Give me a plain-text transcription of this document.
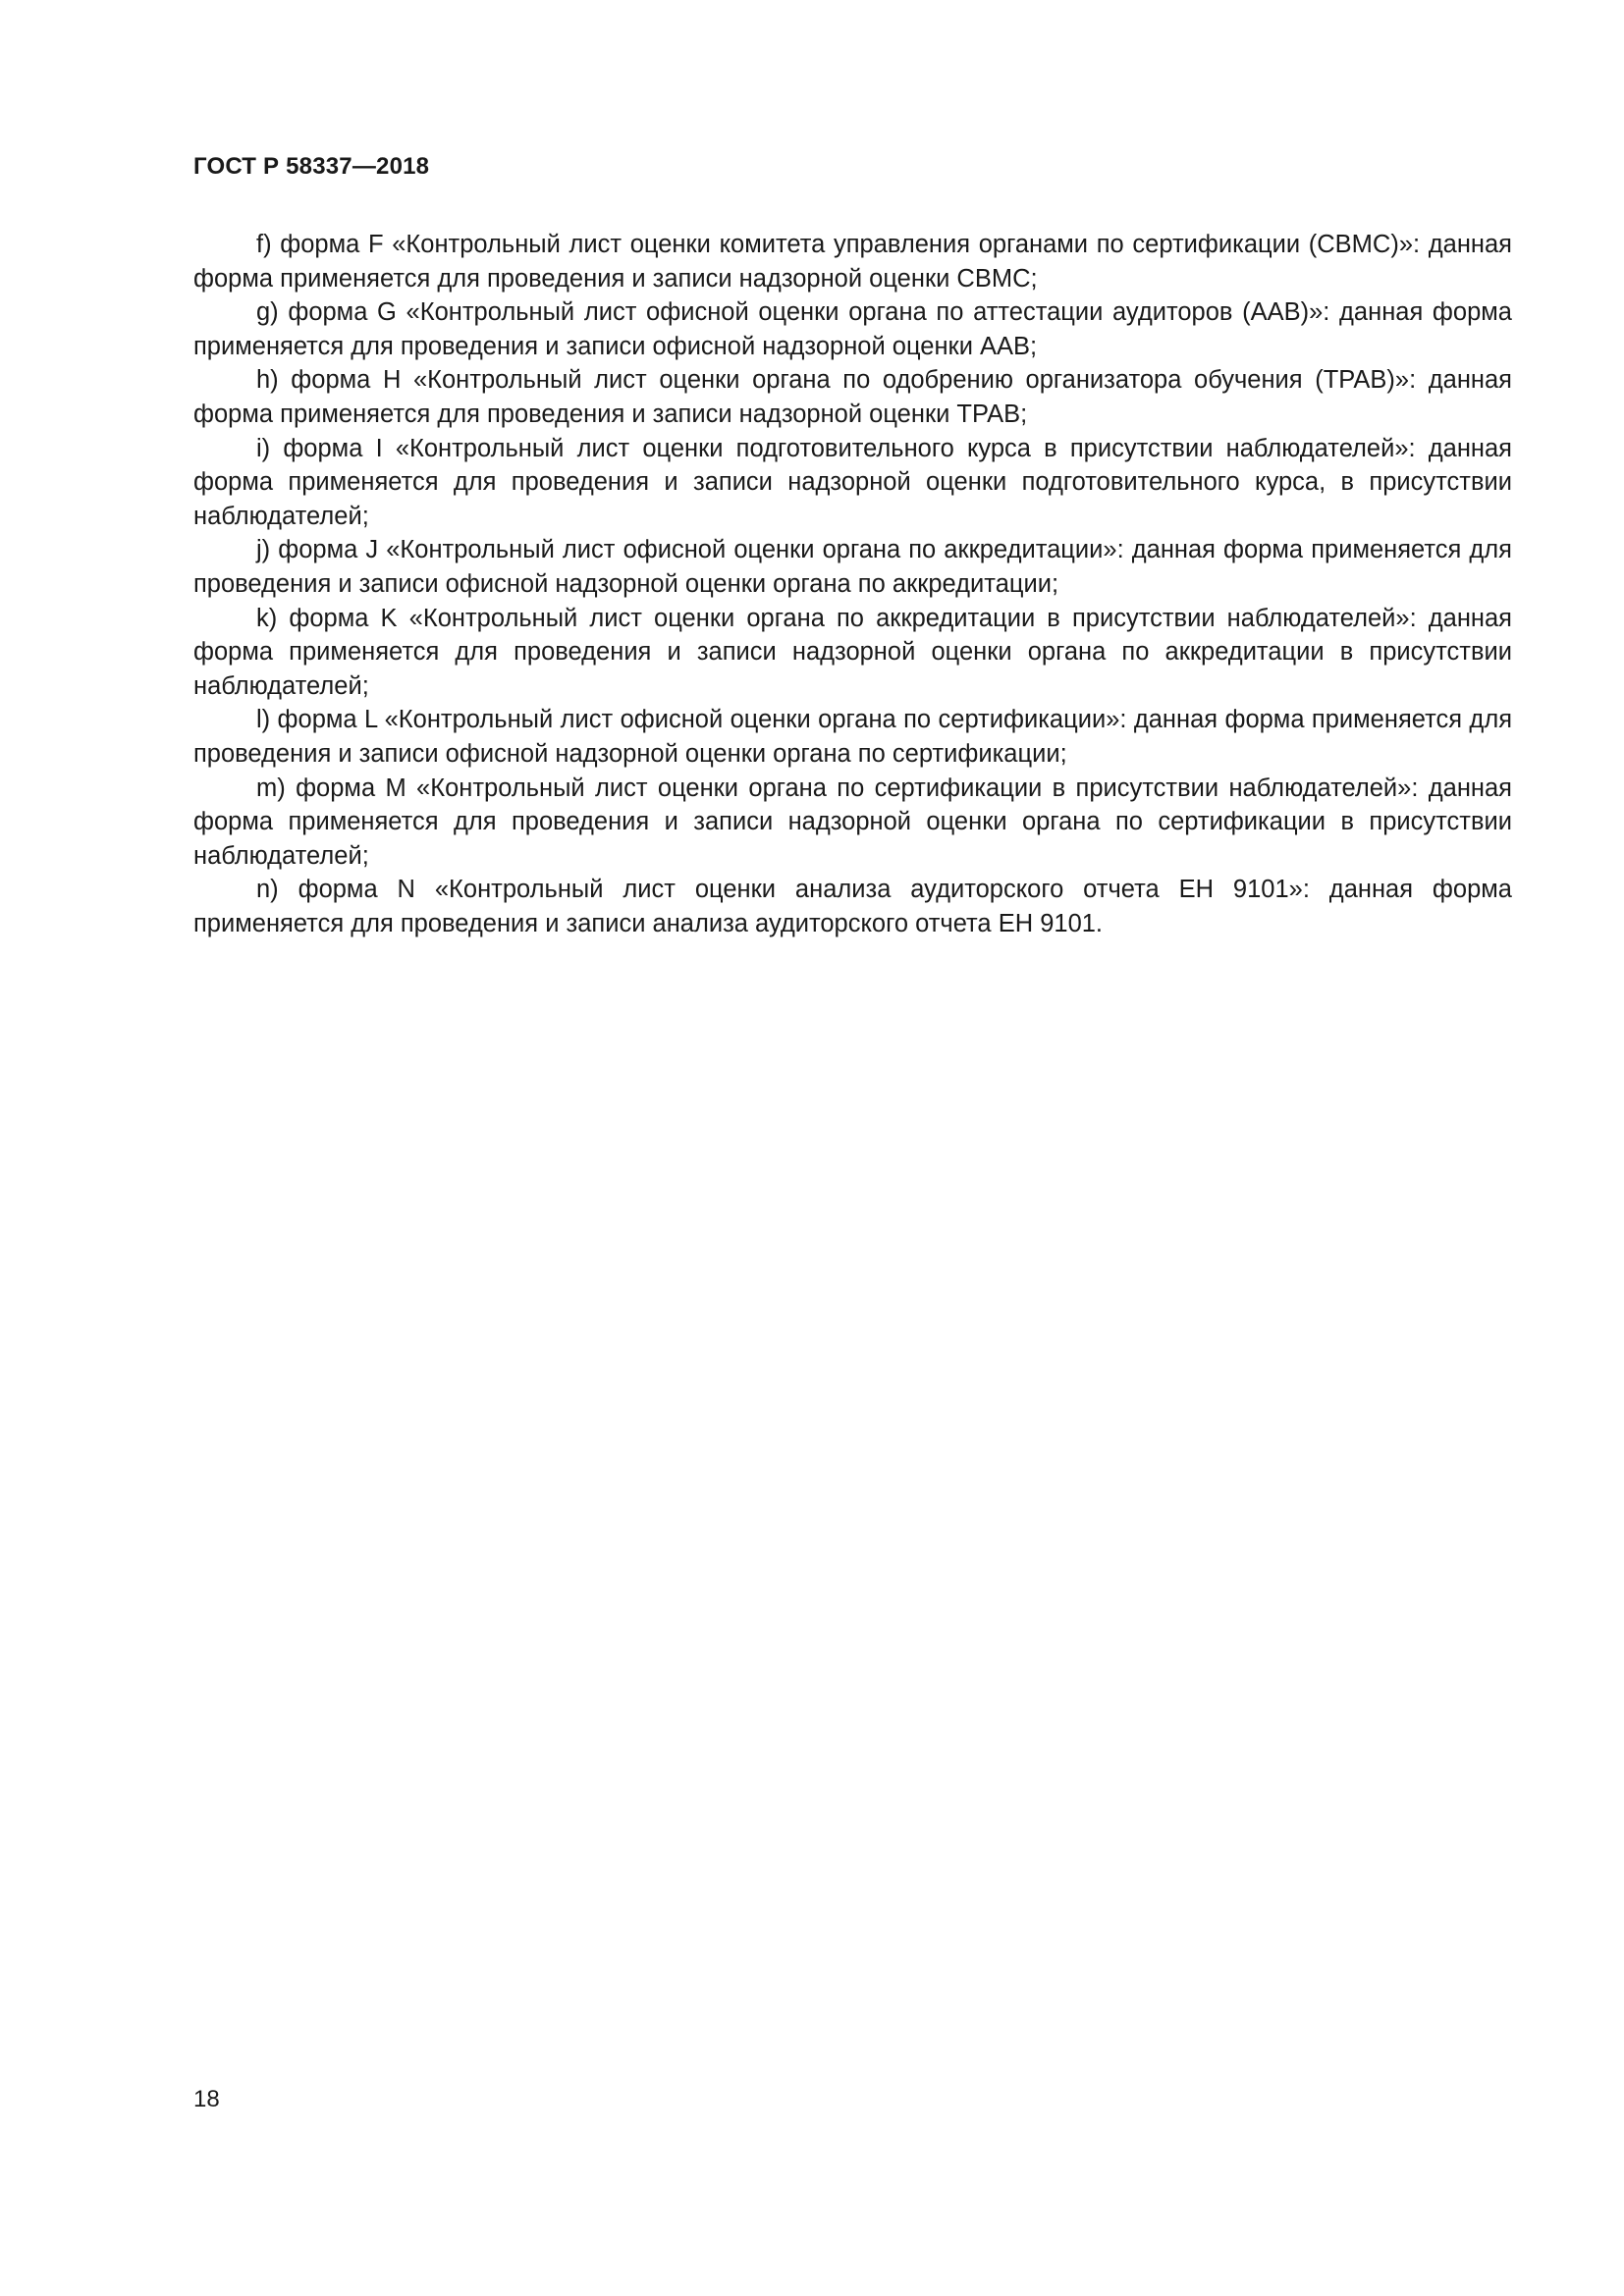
ГОСТ Р 58337—2018

f) форма F «Контрольный лист оценки комитета управления органами по сертификации (CBMC)»: данная форма применяется для проведения и записи надзорной оценки CBMC;

g) форма G «Контрольный лист офисной оценки органа по аттестации аудиторов (AAB)»: данная форма применяется для проведения и записи офисной надзорной оценки AAB;

h) форма H «Контрольный лист оценки органа по одобрению организатора обучения (TPAB)»: данная форма применяется для проведения и записи надзорной оценки TPAB;

i) форма I «Контрольный лист оценки подготовительного курса в присутствии наблюдателей»: данная форма применяется для проведения и записи надзорной оценки подготовительного курса, в присутствии наблюдателей;

j) форма J «Контрольный лист офисной оценки органа по аккредитации»: данная форма применяется для проведения и записи офисной надзорной оценки органа по аккредитации;

k) форма K «Контрольный лист оценки органа по аккредитации в присутствии наблюдателей»: данная форма применяется для проведения и записи надзорной оценки органа по аккредитации в присутствии наблюдателей;

l) форма L «Контрольный лист офисной оценки органа по сертификации»: данная форма применяется для проведения и записи офисной надзорной оценки органа по сертификации;

m) форма M «Контрольный лист оценки органа по сертификации в присутствии наблюдателей»: данная форма применяется для проведения и записи надзорной оценки органа по сертификации в присутствии наблюдателей;

n) форма N «Контрольный лист оценки анализа аудиторского отчета ЕН 9101»: данная форма применяется для проведения и записи анализа аудиторского отчета ЕН 9101.

18
